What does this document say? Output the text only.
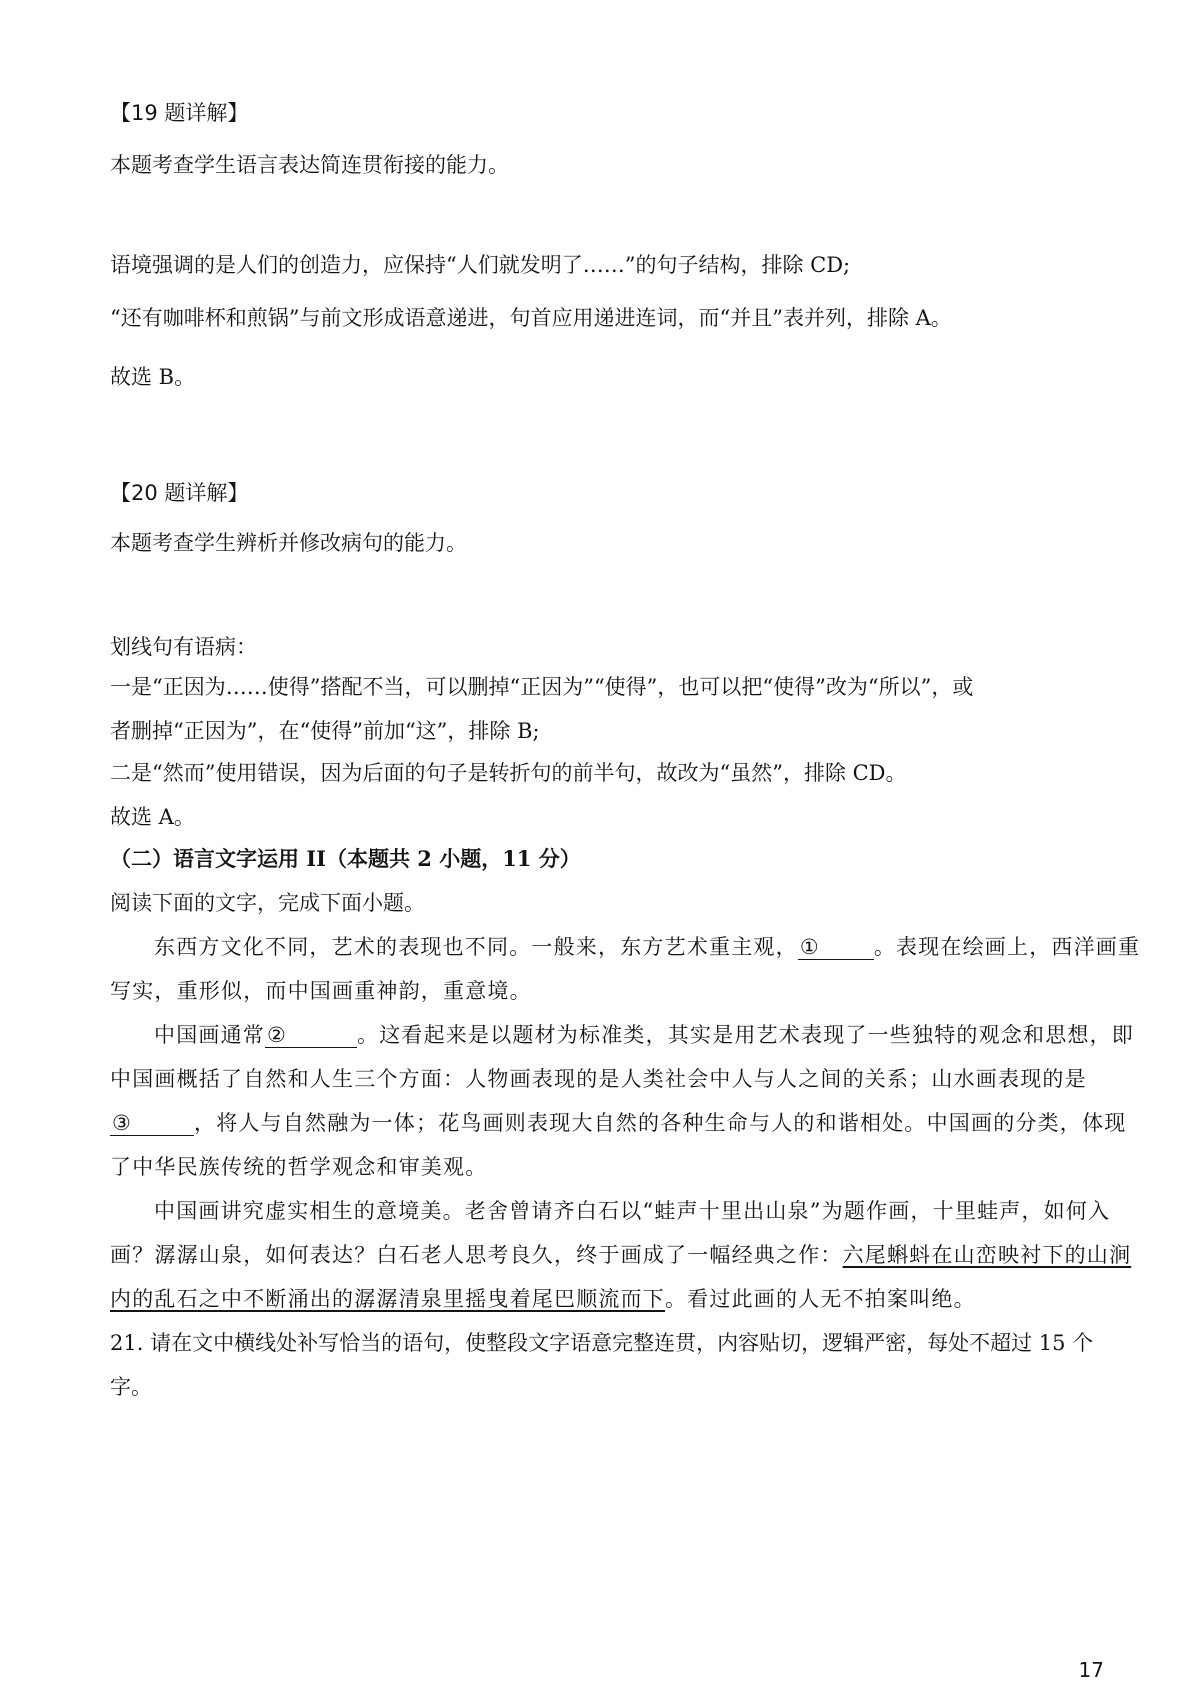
【19 题详解】
本题考查学生语言表达简连贯衔接的能力。
语境强调的是人们的创造力，应保持“人们就发明了……”的句子结构，排除 CD;
“还有咖啡杯和煎锅”与前文形成语意递进，句首应用递进连词，而“并且”表并列，排除 A。
故选 B。
【20 题详解】
本题考查学生辨析并修改病句的能力。
划线句有语病：
一是“正因为……使得”搭配不当，可以删掉“正因为”“使得”，也可以把“使得”改为“所以”，或
者删掉“正因为”，在“使得”前加“这”，排除 B;
二是“然而”使用错误，因为后面的句子是转折句的前半句，故改为“虽然”，排除 CD。
故选 A。
（二）语言文字运用 II（本题共 2 小题，11 分）
阅读下面的文字，完成下面小题。
东西方文化不同，艺术的表现也不同。一般来，东方艺术重主观，①	。表现在绘画上，西洋画重
写实，重形似，而中国画重神韵，重意境。
中国画通常②	。这看起来是以题材为标准类，其实是用艺术表现了一些独特的观念和思想，即
中国画概括了自然和人生三个方面：人物画表现的是人类社会中人与人之间的关系；山水画表现的是
③	，将人与自然融为一体；花鸟画则表现大自然的各种生命与人的和谐相处。中国画的分类，体现
了中华民族传统的哲学观念和审美观。
中国画讲究虚实相生的意境美。老舍曾请齐白石以“蛙声十里出山泉”为题作画，十里蛙声，如何入
画？潺潺山泉，如何表达？白石老人思考良久，终于画成了一幅经典之作：六尾蝌蚪在山峦映衬下的山涧
内的乱石之中不断涌出的潺潺清泉里摇曳着尾巴顺流而下。看过此画的人无不拍案叫绝。
21. 请在文中横线处补写恰当的语句，使整段文字语意完整连贯，内容贴切，逻辑严密，每处不超过 15 个
字。
17
